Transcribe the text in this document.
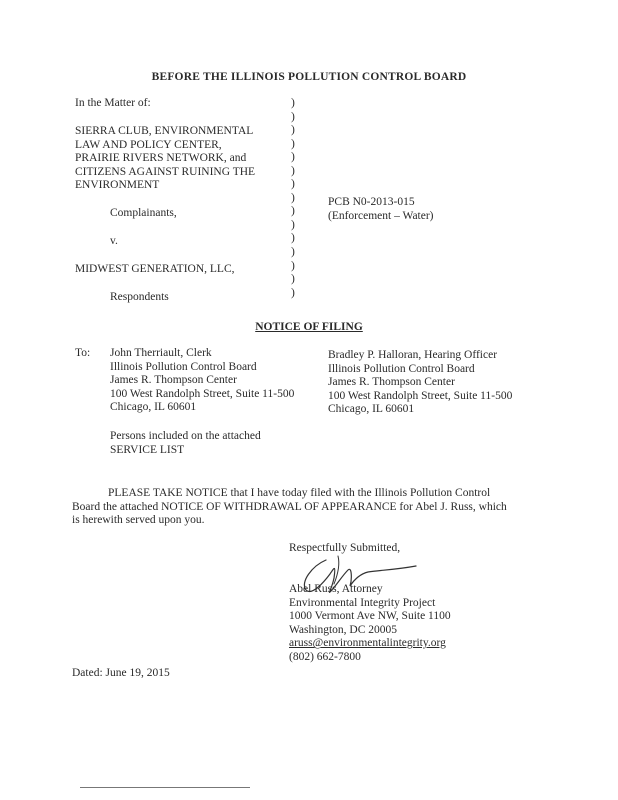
BEFORE THE ILLINOIS POLLUTION CONTROL BOARD
In the Matter of:
SIERRA CLUB, ENVIRONMENTAL
LAW AND POLICY CENTER,
PRAIRIE RIVERS NETWORK, and
CITIZENS AGAINST RUINING THE
ENVIRONMENT
Complainants,
v.
MIDWEST GENERATION, LLC,
Respondents
)
)
)
)
)
)
)
)
)
)
)
)
)
)
)
PCB N0-2013-015
(Enforcement – Water)
NOTICE OF FILING
To: John Therriault, Clerk
Illinois Pollution Control Board
James R. Thompson Center
100 West Randolph Street, Suite 11-500
Chicago, IL 60601
Bradley P. Halloran, Hearing Officer
Illinois Pollution Control Board
James R. Thompson Center
100 West Randolph Street, Suite 11-500
Chicago, IL 60601
Persons included on the attached
SERVICE LIST
PLEASE TAKE NOTICE that I have today filed with the Illinois Pollution Control
Board the attached NOTICE OF WITHDRAWAL OF APPEARANCE for Abel J. Russ, which
is herewith served upon you.
Respectfully Submitted,
Abel Russ, Attorney
Environmental Integrity Project
1000 Vermont Ave NW, Suite 1100
Washington, DC 20005
aruss@environmentalintegrity.org
(802) 662-7800
Dated: June 19, 2015
